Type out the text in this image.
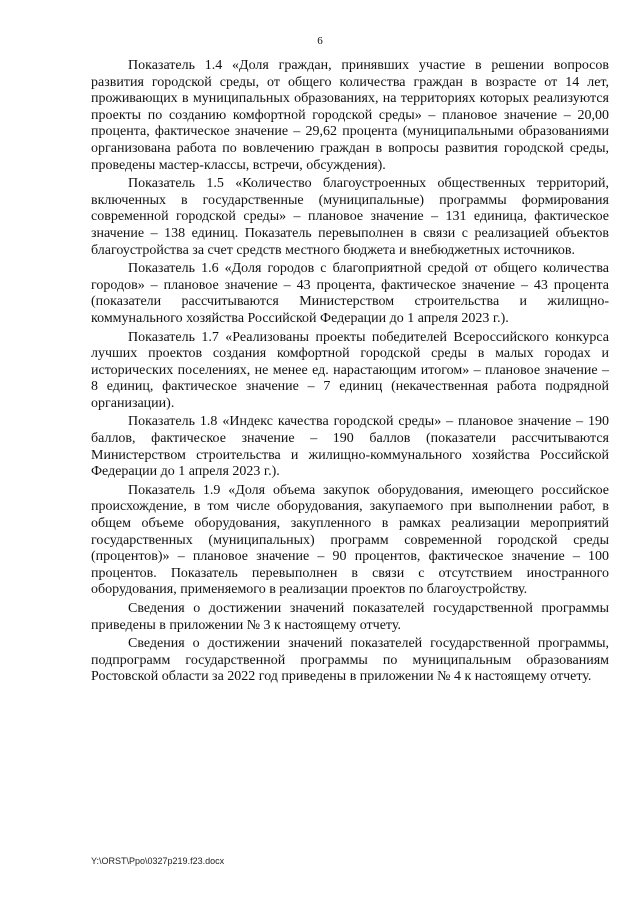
6

Показатель 1.4 «Доля граждан, принявших участие в решении вопросов развития городской среды, от общего количества граждан в возрасте от 14 лет, проживающих в муниципальных образованиях, на территориях которых реализуются проекты по созданию комфортной городской среды» – плановое значение – 20,00 процента, фактическое значение – 29,62 процента (муниципальными образованиями организована работа по вовлечению граждан в вопросы развития городской среды, проведены мастер-классы, встречи, обсуждения).

Показатель 1.5 «Количество благоустроенных общественных территорий, включенных в государственные (муниципальные) программы формирования современной городской среды» – плановое значение – 131 единица, фактическое значение – 138 единиц. Показатель перевыполнен в связи с реализацией объектов благоустройства за счет средств местного бюджета и внебюджетных источников.

Показатель 1.6 «Доля городов с благоприятной средой от общего количества городов» – плановое значение – 43 процента, фактическое значение – 43 процента (показатели рассчитываются Министерством строительства и жилищно-коммунального хозяйства Российской Федерации до 1 апреля 2023 г.).

Показатель 1.7 «Реализованы проекты победителей Всероссийского конкурса лучших проектов создания комфортной городской среды в малых городах и исторических поселениях, не менее ед. нарастающим итогом» – плановое значение – 8 единиц, фактическое значение – 7 единиц (некачественная работа подрядной организации).

Показатель 1.8 «Индекс качества городской среды» – плановое значение – 190 баллов, фактическое значение – 190 баллов (показатели рассчитываются Министерством строительства и жилищно-коммунального хозяйства Российской Федерации до 1 апреля 2023 г.).

Показатель 1.9 «Доля объема закупок оборудования, имеющего российское происхождение, в том числе оборудования, закупаемого при выполнении работ, в общем объеме оборудования, закупленного в рамках реализации мероприятий государственных (муниципальных) программ современной городской среды (процентов)» – плановое значение – 90 процентов, фактическое значение – 100 процентов. Показатель перевыполнен в связи с отсутствием иностранного оборудования, применяемого в реализации проектов по благоустройству.

Сведения о достижении значений показателей государственной программы приведены в приложении № 3 к настоящему отчету.

Сведения о достижении значений показателей государственной программы, подпрограмм государственной программы по муниципальным образованиям Ростовской области за 2022 год приведены в приложении № 4 к настоящему отчету.

Y:\ORST\Ppo\0327p219.f23.docx
